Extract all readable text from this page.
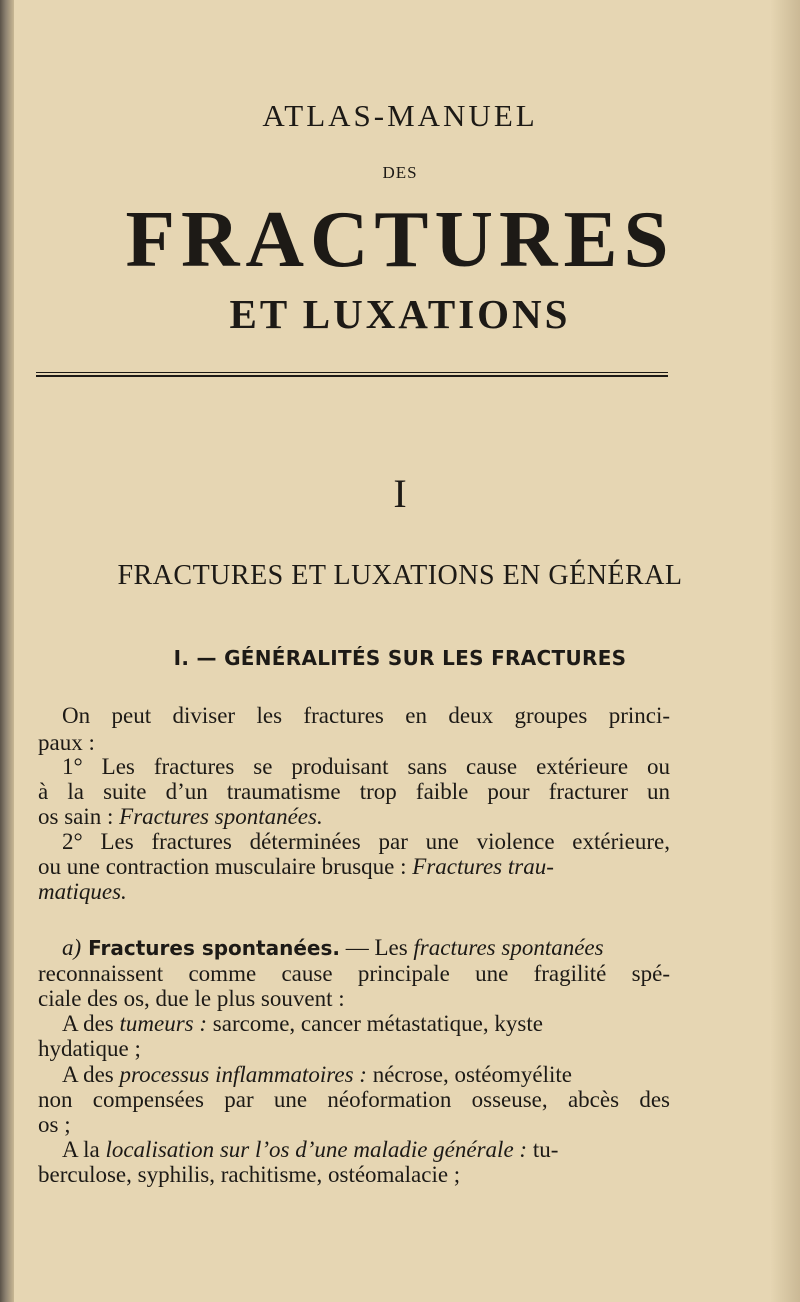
ATLAS-MANUEL
DES
FRACTURES
ET LUXATIONS
I
FRACTURES ET LUXATIONS EN GÉNÉRAL
I. — GÉNÉRALITÉS SUR LES FRACTURES
On peut diviser les fractures en deux groupes princi-
paux :
1° Les fractures se produisant sans cause extérieure ou
à la suite d’un traumatisme trop faible pour fracturer un
os sain : Fractures spontanées.
2° Les fractures déterminées par une violence extérieure,
ou une contraction musculaire brusque : Fractures trau-
matiques.
a) Fractures spontanées. — Les fractures spontanées
reconnaissent comme cause principale une fragilité spé-
ciale des os, due le plus souvent :
A des tumeurs : sarcome, cancer métastatique, kyste
hydatique ;
A des processus inflammatoires : nécrose, ostéomyélite
non compensées par une néoformation osseuse, abcès des
os ;
A la localisation sur l’os d’une maladie générale : tu-
berculose, syphilis, rachitisme, ostéomalacie ;
